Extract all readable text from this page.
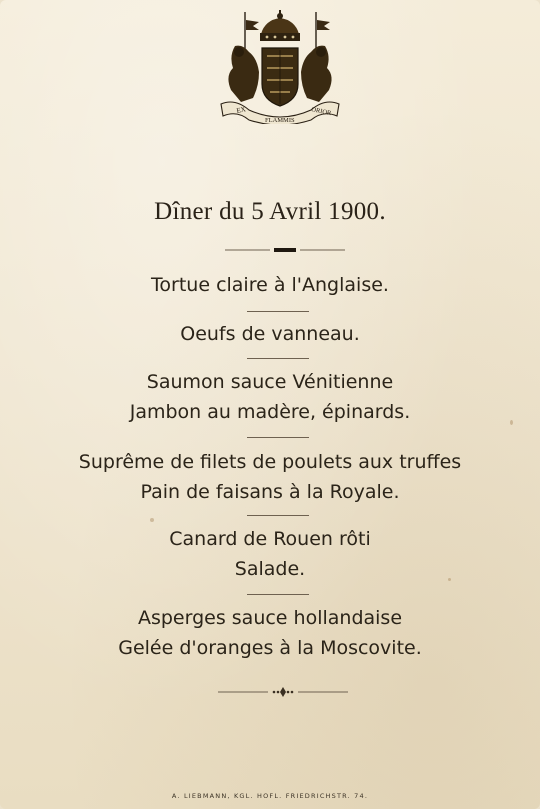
EX
FLAMMIS
ORIOR
Dîner du 5 Avril 1900.
Tortue claire à l'Anglaise.
Oeufs de vanneau.
Saumon sauce Vénitienne
Jambon au madère, épinards.
Suprême de filets de poulets aux truffes
Pain de faisans à la Royale.
Canard de Rouen rôti
Salade.
Asperges sauce hollandaise
Gelée d'oranges à la Moscovite.
A. LIEBMANN, KGL. HOFL. FRIEDRICHSTR. 74.
